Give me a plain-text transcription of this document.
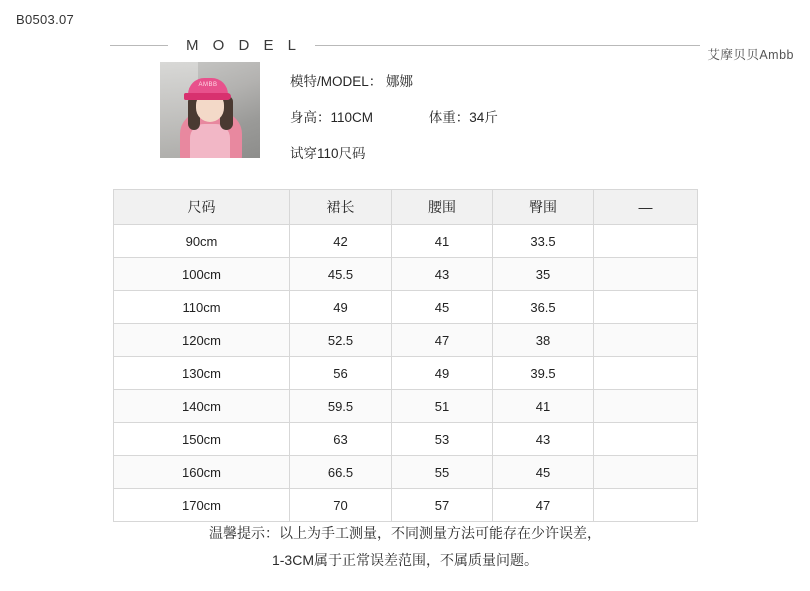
B0503.07
M O D E L
艾摩贝贝Ambb
AMBB	模特/MODEL： 娜娜
身高：110CM	体重：34斤
试穿110尺码
尺码	裙长	腰围	臀围	—
90cm	42	41	33.5	
100cm	45.5	43	35	
110cm	49	45	36.5	
120cm	52.5	47	38	
130cm	56	49	39.5	
140cm	59.5	51	41	
150cm	63	53	43	
160cm	66.5	55	45	
170cm	70	57	47	
温馨提示：以上为手工测量，不同测量方法可能存在少许误差，
1-3CM属于正常误差范围，不属质量问题。
